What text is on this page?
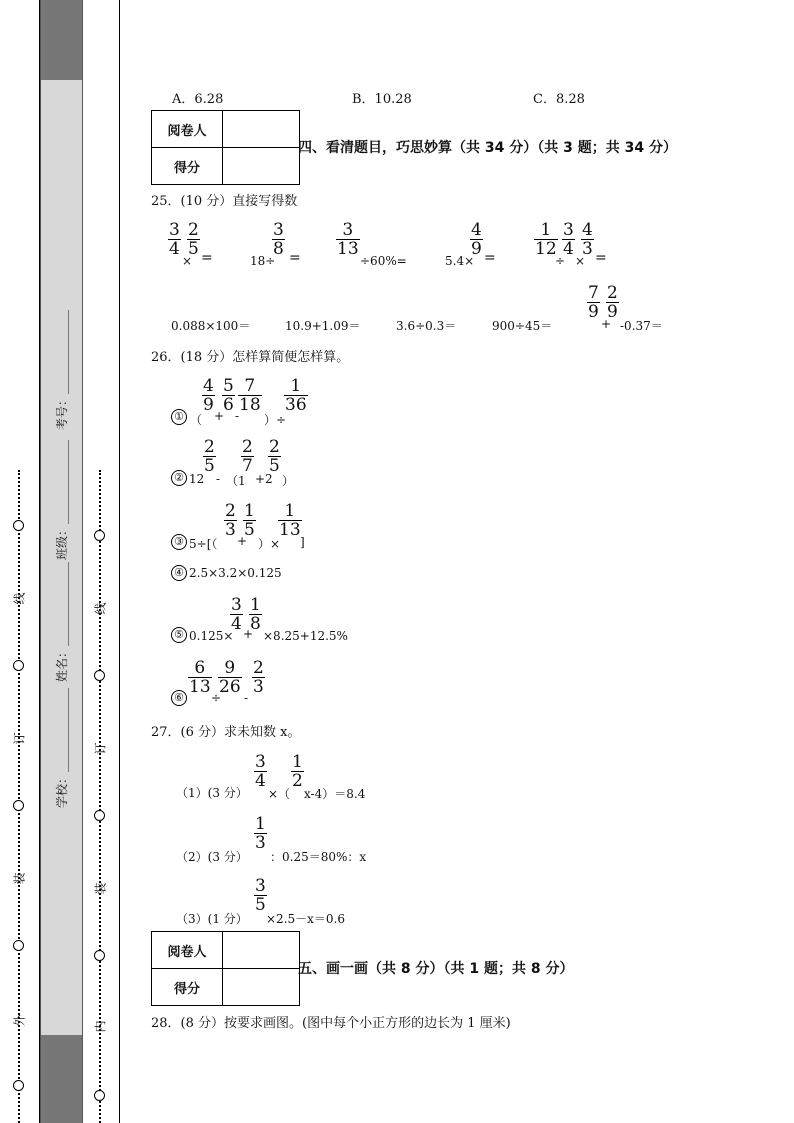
线
订
装
外
线
订
装
内
考号：______________
班级：______________
姓名：______________
学校：______________
A．6.28	B．10.28	C．8.28
阅卷人	
得分	
四、看清题目，巧思妙算（共 34 分）（共 3 题；共 34 分）
25．(10 分）直接写得数
3
4
×
2
5 =	18÷
3
8 =
3
13
÷60%=	5.4×
4
9 =
1
12
÷
3
4
×
4
3 =
0.088×100＝	10.9+1.09＝	3.6÷0.3＝	900÷45＝
7
9
+
2
9
-0.37＝
26．(18 分）怎样算简便怎样算。
① （
4
9
+
5
6
-
7
18
）÷
1
36
② 12
2
5
- （1
2
7
+2
2
5
）
③ 5÷[（
2
3
+
1
5
）×
1
13
]
④ 2.5×3.2×0.125
⑤ 0.125×
3
4 +
1
8
×8.25+12.5%
⑥
6
13
÷
9
26
-
2
3
27．(6 分）求未知数 x。
（1）(3 分）
3
4
×（
1
2
x-4）＝8.4
（2）(3 分）
1
3
：0.25＝80%：x
（3）(1 分）
3
5
×2.5－x＝0.6
阅卷人	
得分	
五、画一画（共 8 分）（共 1 题；共 8 分）
28．(8 分）按要求画图。(图中每个小正方形的边长为 1 厘米)
